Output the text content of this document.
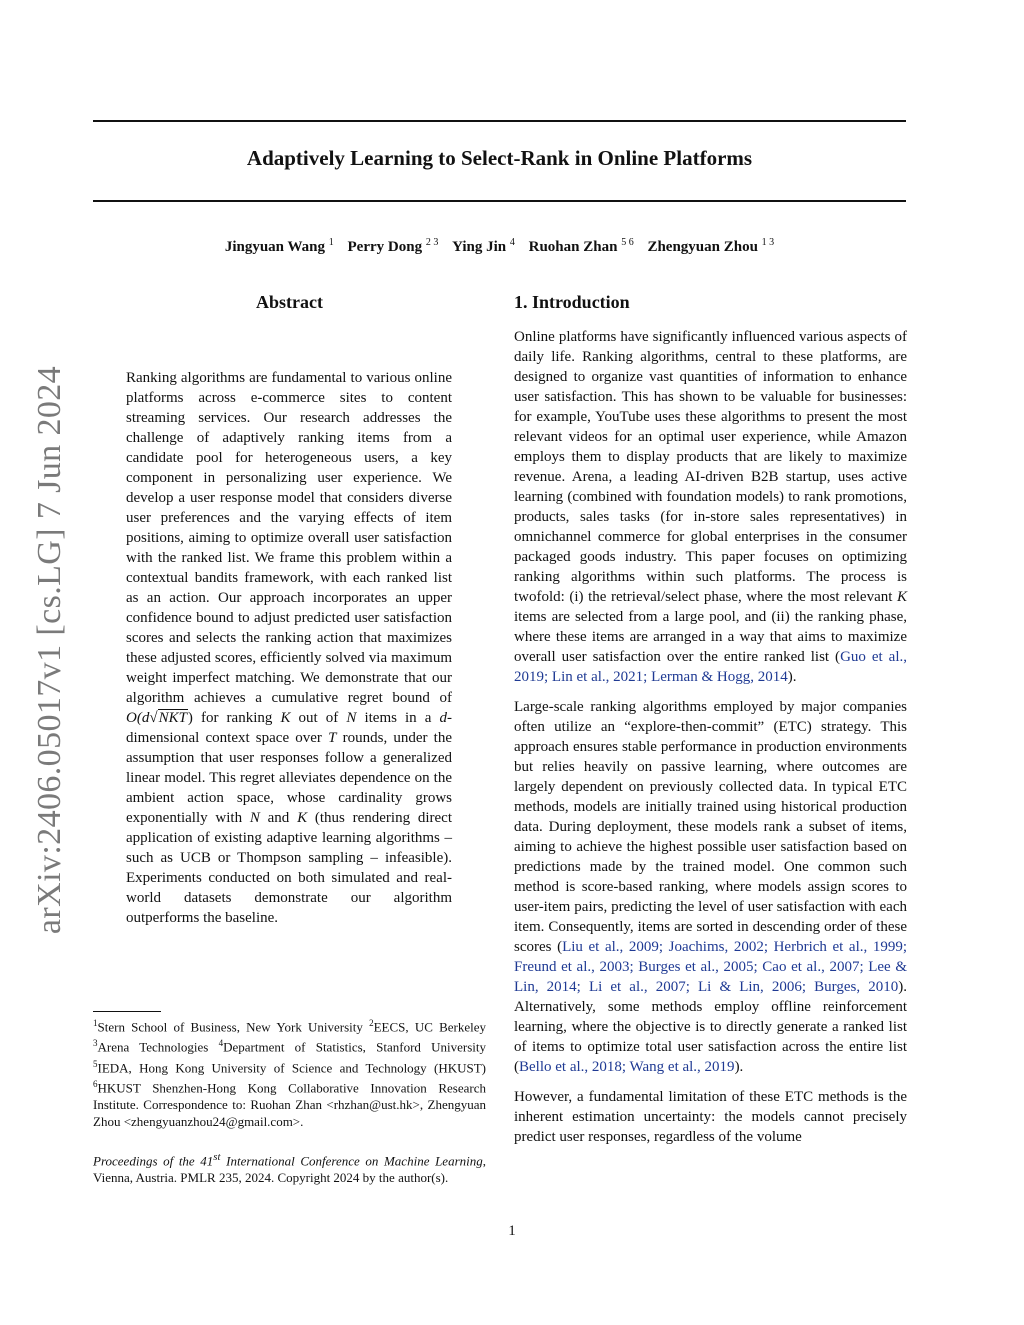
arXiv:2406.05017v1 [cs.LG] 7 Jun 2024
Adaptively Learning to Select-Rank in Online Platforms
Jingyuan Wang $^1$ Perry Dong $^{2 3}$ Ying Jin $^4$ Ruohan Zhan $^{5 6}$ Zhengyuan Zhou $^{1 3}$
Abstract

Ranking algorithms are fundamental to various online platforms across e-commerce sites to content streaming services. Our research addresses the challenge of adaptively ranking items from a candidate pool for heterogeneous users, a key component in personalizing user experience. We develop a user response model that considers diverse user preferences and the varying effects of item positions, aiming to optimize overall user satisfaction with the ranked list. We frame this problem within a contextual bandits framework, with each ranked list as an action. Our approach incorporates an upper confidence bound to adjust predicted user satisfaction scores and selects the ranking action that maximizes these adjusted scores, efficiently solved via maximum weight imperfect matching. We demonstrate that our algorithm achieves a cumulative regret bound of O(d√NKT) for ranking K out of N items in a d-dimensional context space over T rounds, under the assumption that user responses follow a generalized linear model. This regret alleviates dependence on the ambient action space, whose cardinality grows exponentially with N and K (thus rendering direct application of existing adaptive learning algorithms – such as UCB or Thompson sampling – infeasible). Experiments conducted on both simulated and real-world datasets demonstrate our algorithm outperforms the baseline.

$^1$Stern School of Business, New York University $^2$EECS, UC Berkeley $^3$Arena Technologies $^4$Department of Statistics, Stanford University $^5$IEDA, Hong Kong University of Science and Technology (HKUST) $^6$HKUST Shenzhen-Hong Kong Collaborative Innovation Research Institute. Correspondence to: Ruohan Zhan <rhzhan@ust.hk>, Zhengyuan Zhou <zhengyuanzhou24@gmail.com>.

Proceedings of the 41st International Conference on Machine Learning, Vienna, Austria. PMLR 235, 2024. Copyright 2024 by the author(s).

1. Introduction

Online platforms have significantly influenced various aspects of daily life. Ranking algorithms, central to these platforms, are designed to organize vast quantities of information to enhance user satisfaction. This has shown to be valuable for businesses: for example, YouTube uses these algorithms to present the most relevant videos for an optimal user experience, while Amazon employs them to display products that are likely to maximize revenue. Arena, a leading AI-driven B2B startup, uses active learning (combined with foundation models) to rank promotions, products, sales tasks (for in-store sales representatives) in omnichannel commerce for global enterprises in the consumer packaged goods industry. This paper focuses on optimizing ranking algorithms within such platforms. The process is twofold: (i) the retrieval/select phase, where the most relevant K items are selected from a large pool, and (ii) the ranking phase, where these items are arranged in a way that aims to maximize overall user satisfaction over the entire ranked list (Guo et al., 2019; Lin et al., 2021; Lerman & Hogg, 2014).

Large-scale ranking algorithms employed by major companies often utilize an “explore-then-commit” (ETC) strategy. This approach ensures stable performance in production environments but relies heavily on passive learning, where outcomes are largely dependent on previously collected data. In typical ETC methods, models are initially trained using historical production data. During deployment, these models rank a subset of items, aiming to achieve the highest possible user satisfaction based on predictions made by the trained model. One common such method is score-based ranking, where models assign scores to user-item pairs, predicting the level of user satisfaction with each item. Consequently, items are sorted in descending order of these scores (Liu et al., 2009; Joachims, 2002; Herbrich et al., 1999; Freund et al., 2003; Burges et al., 2005; Cao et al., 2007; Lee & Lin, 2014; Li et al., 2007; Li & Lin, 2006; Burges, 2010). Alternatively, some methods employ offline reinforcement learning, where the objective is to directly generate a ranked list of items to optimize total user satisfaction across the entire list (Bello et al., 2018; Wang et al., 2019).

However, a fundamental limitation of these ETC methods is the inherent estimation uncertainty: the models cannot precisely predict user responses, regardless of the volume

1
